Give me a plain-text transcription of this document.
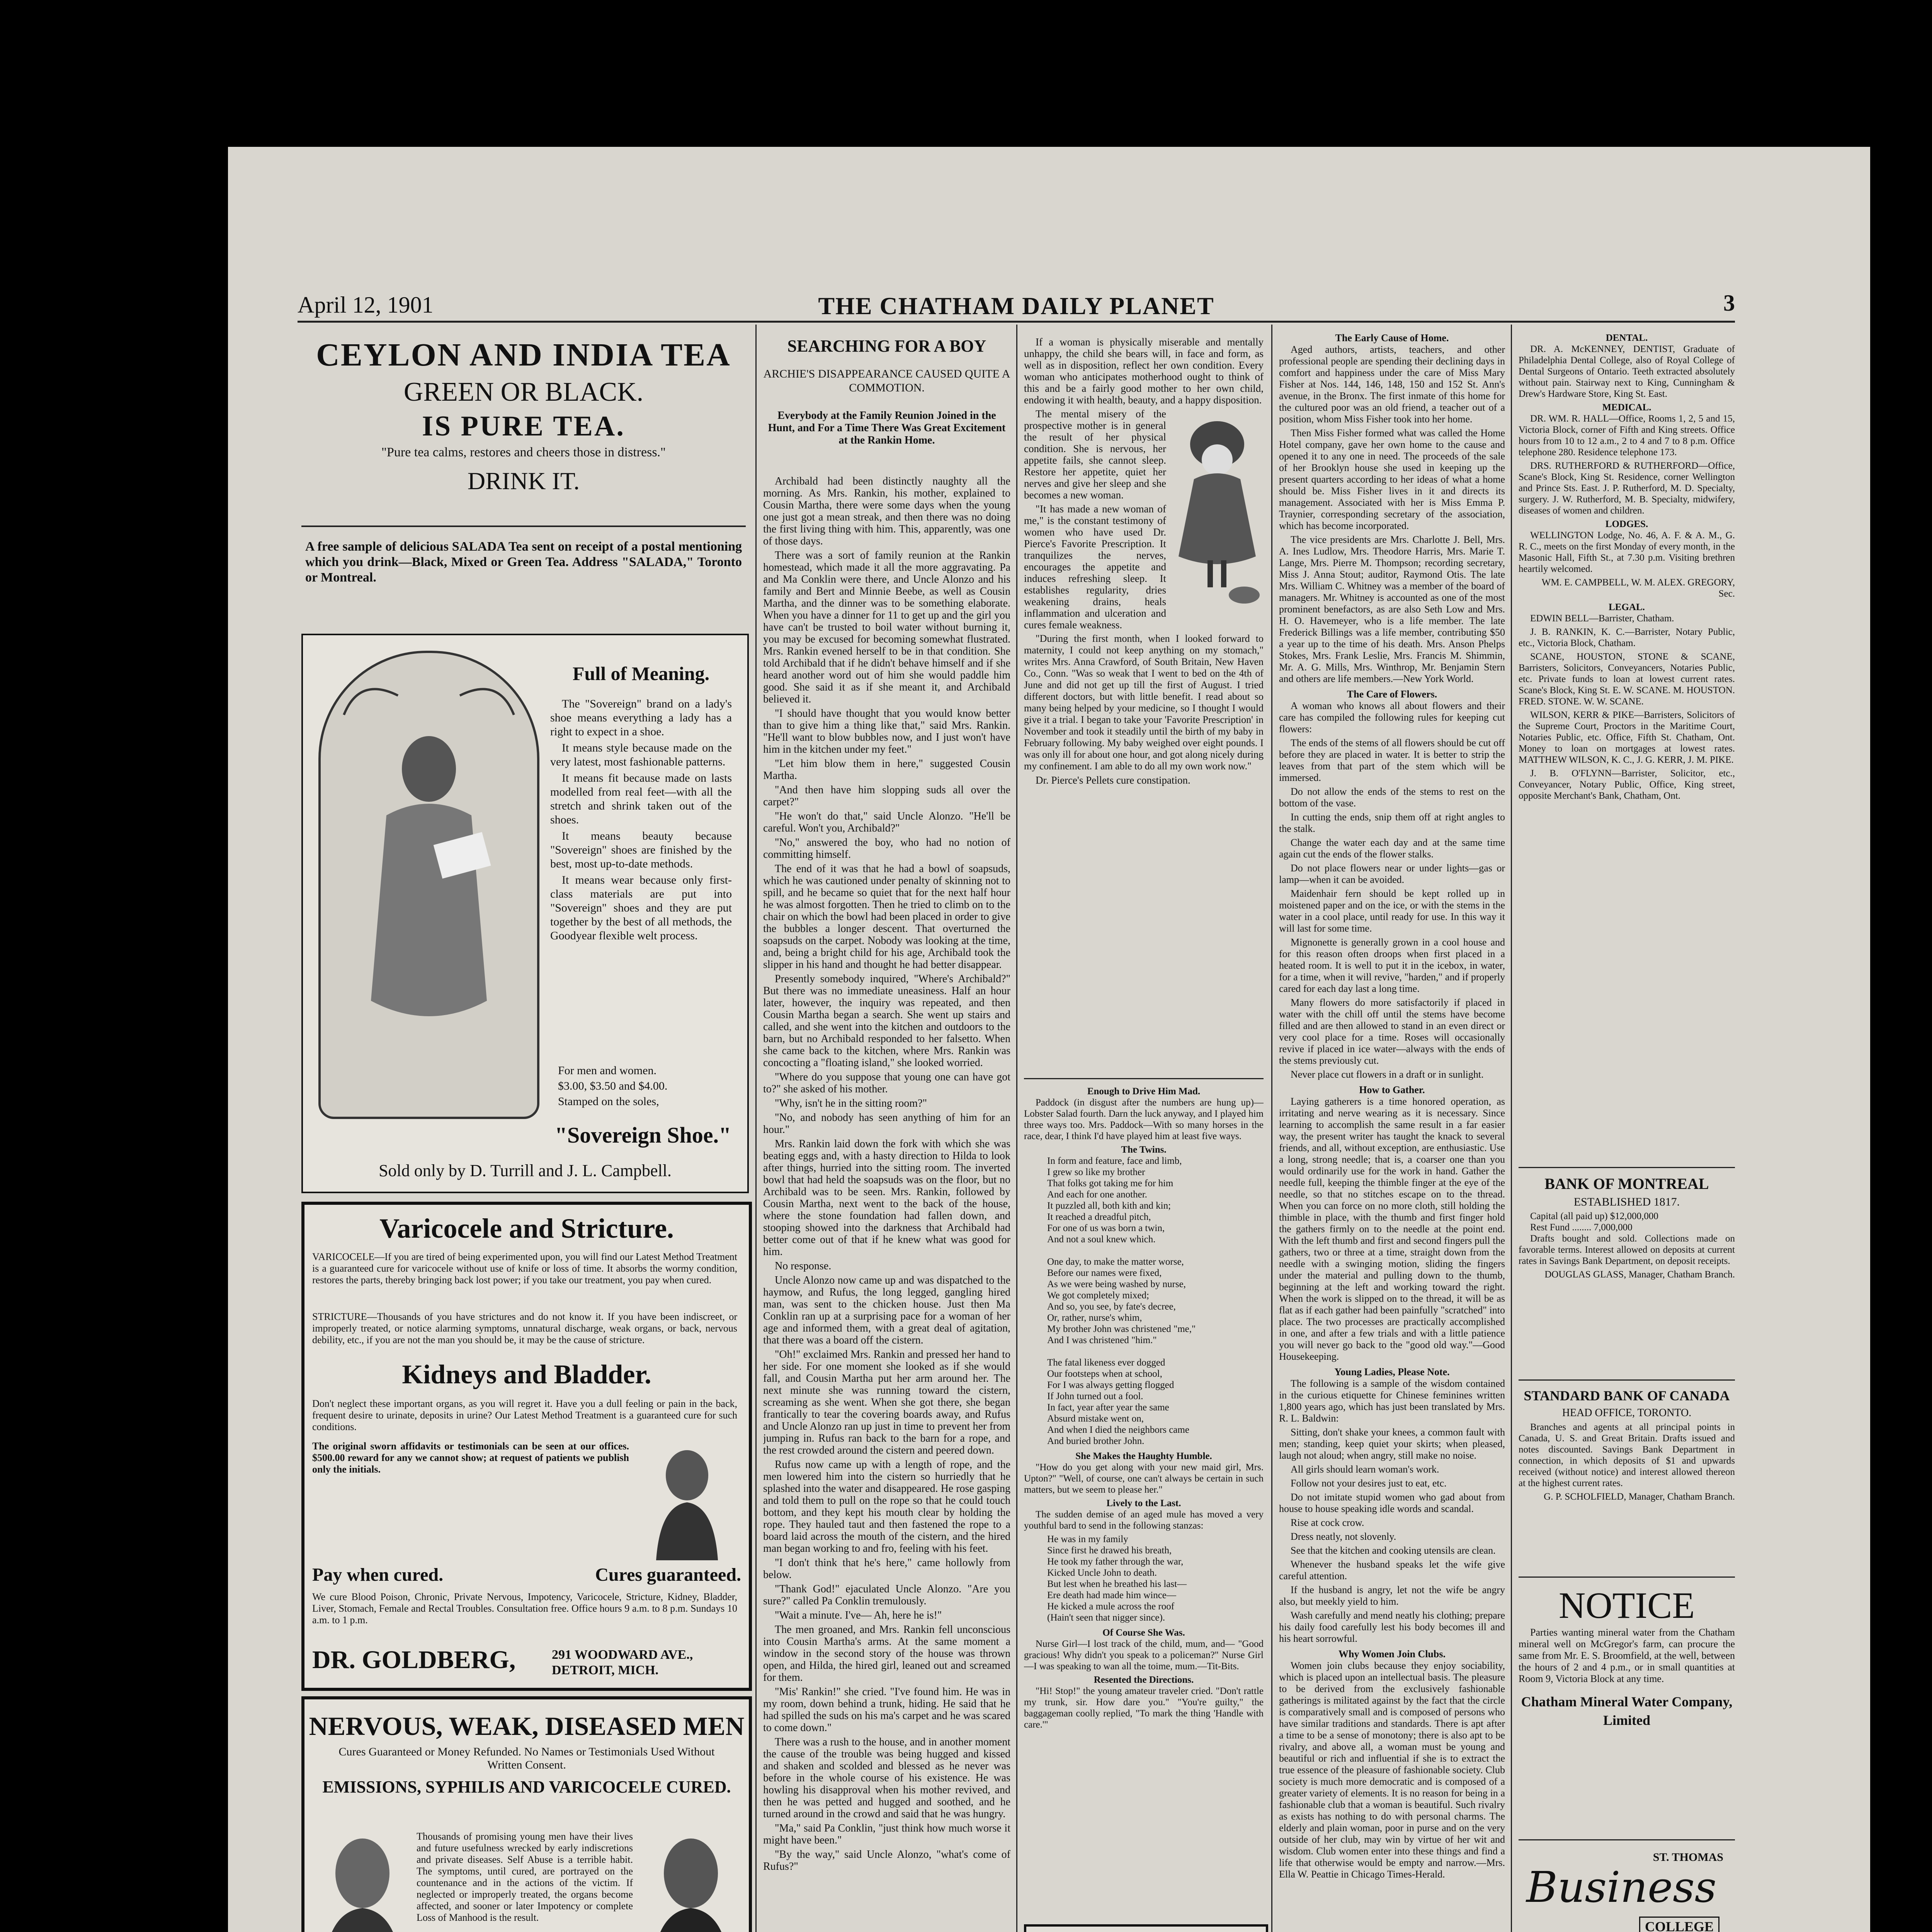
April 12, 1901	THE CHATHAM DAILY PLANET	3
CEYLON AND INDIA TEA
GREEN OR BLACK.
IS PURE TEA.
"Pure tea calms, restores and cheers those in distress."
DRINK IT.
A free sample of delicious SALADA Tea sent on receipt of a postal mentioning which you drink—Black, Mixed or Green Tea. Address "SALADA," Toronto or Montreal.
Full of Meaning.

The "Sovereign" brand on a lady's shoe means everything a lady has a right to expect in a shoe.

It means style because made on the very latest, most fashionable patterns.

It means fit because made on lasts modelled from real feet—with all the stretch and shrink taken out of the shoes.

It means beauty because "Sovereign" shoes are finished by the best, most up-to-date methods.

It means wear because only first-class materials are put into "Sovereign" shoes and they are put together by the best of all methods, the Goodyear flexible welt process.

For men and women.
$3.00, $3.50 and $4.00.
Stamped on the soles,
"Sovereign Shoe."
Sold only by D. Turrill and J. L. Campbell.
Varicocele and Stricture.
VARICOCELE—If you are tired of being experimented upon, you will find our Latest Method Treatment is a guaranteed cure for varicocele without use of knife or loss of time. It absorbs the wormy condition, restores the parts, thereby bringing back lost power; if you take our treatment, you pay when cured.
STRICTURE—Thousands of you have strictures and do not know it. If you have been indiscreet, or improperly treated, or notice alarming symptoms, unnatural discharge, weak organs, or back, nervous debility, etc., if you are not the man you should be, it may be the cause of stricture.
Kidneys and Bladder.
Don't neglect these important organs, as you will regret it. Have you a dull feeling or pain in the back, frequent desire to urinate, deposits in urine? Our Latest Method Treatment is a guaranteed cure for such conditions.
The original sworn affidavits or testimonials can be seen at our offices. $500.00 reward for any we cannot show; at request of patients we publish only the initials.
Pay when cured.	Cures guaranteed.
We cure Blood Poison, Chronic, Private Nervous, Impotency, Varicocele, Stricture, Kidney, Bladder, Liver, Stomach, Female and Rectal Troubles. Consultation free. Office hours 9 a.m. to 8 p.m. Sundays 10 a.m. to 1 p.m.
DR. GOLDBERG,	291 WOODWARD AVE., DETROIT, MICH.
NERVOUS, WEAK, DISEASED MEN
Cures Guaranteed or Money Refunded. No Names or Testimonials Used Without Written Consent.
EMISSIONS, SYPHILIS AND VARICOCELE CURED.
Thousands of promising young men have their lives and future usefulness wrecked by early indiscretions and private diseases. Self Abuse is a terrible habit. The symptoms, until cured, are portrayed on the countenance and in the actions of the victim. If neglected or improperly treated, the organs become affected, and sooner or later Impotency or complete Loss of Manhood is the result.
SEARCHING FOR A BOY
ARCHIE'S DISAPPEARANCE CAUSED QUITE A COMMOTION.
Everybody at the Family Reunion Joined in the Hunt, and For a Time There Was Great Excitement at the Rankin Home.

Archibald had been distinctly naughty all the morning. As Mrs. Rankin, his mother, explained to Cousin Martha, there were some days when the young one just got a mean streak, and then there was no doing the first living thing with him. This, apparently, was one of those days.

There was a sort of family reunion at the Rankin homestead, which made it all the more aggravating. Pa and Ma Conklin were there, and Uncle Alonzo and his family and Bert and Minnie Beebe, as well as Cousin Martha, and the dinner was to be something elaborate. When you have a dinner for 11 to get up and the girl you have can't be trusted to boil water without burning it, you may be excused for becoming somewhat flustrated. Mrs. Rankin evened herself to be in that condition. She told Archibald that if he didn't behave himself and if she heard another word out of him she would paddle him good. She said it as if she meant it, and Archibald believed it.

"I should have thought that you would know better than to give him a thing like that," said Mrs. Rankin. "He'll want to blow bubbles now, and I just won't have him in the kitchen under my feet."

"Let him blow them in here," suggested Cousin Martha.

"And then have him slopping suds all over the carpet?"

"He won't do that," said Uncle Alonzo. "He'll be careful. Won't you, Archibald?"

"No," answered the boy, who had no notion of committing himself.

The end of it was that he had a bowl of soapsuds, which he was cautioned under penalty of skinning not to spill, and he became so quiet that for the next half hour he was almost forgotten. Then he tried to climb on to the chair on which the bowl had been placed in order to give the bubbles a longer descent. That overturned the soapsuds on the carpet. Nobody was looking at the time, and, being a bright child for his age, Archibald took the slipper in his hand and thought he had better disappear.

Presently somebody inquired, "Where's Archibald?" But there was no immediate uneasiness. Half an hour later, however, the inquiry was repeated, and then Cousin Martha began a search. She went up stairs and called, and she went into the kitchen and outdoors to the barn, but no Archibald responded to her falsetto. When she came back to the kitchen, where Mrs. Rankin was concocting a "floating island," she looked worried.

"Where do you suppose that young one can have got to?" she asked of his mother.

"Why, isn't he in the sitting room?"

"No, and nobody has seen anything of him for an hour."

Mrs. Rankin laid down the fork with which she was beating eggs and, with a hasty direction to Hilda to look after things, hurried into the sitting room. The inverted bowl that had held the soapsuds was on the floor, but no Archibald was to be seen. Mrs. Rankin, followed by Cousin Martha, next went to the back of the house, where the stone foundation had fallen down, and stooping showed into the darkness that Archibald had better come out of that if he knew what was good for him.

No response.

Uncle Alonzo now came up and was dispatched to the haymow, and Rufus, the long legged, gangling hired man, was sent to the chicken house. Just then Ma Conklin ran up at a surprising pace for a woman of her age and informed them, with a great deal of agitation, that there was a board off the cistern.

"Oh!" exclaimed Mrs. Rankin and pressed her hand to her side. For one moment she looked as if she would fall, and Cousin Martha put her arm around her. The next minute she was running toward the cistern, screaming as she went. When she got there, she began frantically to tear the covering boards away, and Rufus and Uncle Alonzo ran up just in time to prevent her from jumping in. Rufus ran back to the barn for a rope, and the rest crowded around the cistern and peered down.

Rufus now came up with a length of rope, and the men lowered him into the cistern so hurriedly that he splashed into the water and disappeared. He rose gasping and told them to pull on the rope so that he could touch bottom, and they kept his mouth clear by holding the rope. They hauled taut and then fastened the rope to a board laid across the mouth of the cistern, and the hired man began working to and fro, feeling with his feet.

"I don't think that he's here," came hollowly from below.

"Thank God!" ejaculated Uncle Alonzo. "Are you sure?" called Pa Conklin tremulously.

"Wait a minute. I've— Ah, here he is!"

The men groaned, and Mrs. Rankin fell unconscious into Cousin Martha's arms. At the same moment a window in the second story of the house was thrown open, and Hilda, the hired girl, leaned out and screamed for them.

"Mis' Rankin!" she cried. "I've found him. He was in my room, down behind a trunk, hiding. He said that he had spilled the suds on his ma's carpet and he was scared to come down."

There was a rush to the house, and in another moment the cause of the trouble was being hugged and kissed and shaken and scolded and blessed as he never was before in the whole course of his existence. He was howling his disapproval when his mother revived, and then he was petted and hugged and soothed, and he turned around in the crowd and said that he was hungry.

"Ma," said Pa Conklin, "just think how much worse it might have been."

"By the way," said Uncle Alonzo, "what's come of Rufus?"

If a woman is physically miserable and mentally unhappy, the child she bears will, in face and form, as well as in disposition, reflect her own condition. Every woman who anticipates motherhood ought to think of this and be a fairly good mother to her own child, endowing it with health, beauty, and a happy disposition.

The mental misery of the prospective mother is in general the result of her physical condition. She is nervous, her appetite fails, she cannot sleep. Restore her appetite, quiet her nerves and give her sleep and she becomes a new woman.

"It has made a new woman of me," is the constant testimony of women who have used Dr. Pierce's Favorite Prescription. It tranquilizes the nerves, encourages the appetite and induces refreshing sleep. It establishes regularity, dries weakening drains, heals inflammation and ulceration and cures female weakness.

"During the first month, when I looked forward to maternity, I could not keep anything on my stomach," writes Mrs. Anna Crawford, of South Britain, New Haven Co., Conn. "Was so weak that I went to bed on the 4th of June and did not get up till the first of August. I tried different doctors, but with little benefit. I read about so many being helped by your medicine, so I thought I would give it a trial. I began to take your 'Favorite Prescription' in November and took it steadily until the birth of my baby in February following. My baby weighed over eight pounds. I was only ill for about one hour, and got along nicely during my confinement. I am able to do all my own work now."

Dr. Pierce's Pellets cure constipation.

Enough to Drive Him Mad.

Paddock (in disgust after the numbers are hung up)—Lobster Salad fourth. Darn the luck anyway, and I played him three ways too. Mrs. Paddock—With so many horses in the race, dear, I think I'd have played him at least five ways.

The Twins.
In form and feature, face and limb,
I grew so like my brother
That folks got taking me for him
And each for one another.
It puzzled all, both kith and kin;
It reached a dreadful pitch,
For one of us was born a twin,
And not a soul knew which.

One day, to make the matter worse,
Before our names were fixed,
As we were being washed by nurse,
We got completely mixed;
And so, you see, by fate's decree,
Or, rather, nurse's whim,
My brother John was christened "me,"
And I was christened "him."

The fatal likeness ever dogged
Our footsteps when at school,
For I was always getting flogged
If John turned out a fool.
In fact, year after year the same
Absurd mistake went on,
And when I died the neighbors came
And buried brother John.
She Makes the Haughty Humble.

"How do you get along with your new maid girl, Mrs. Upton?" "Well, of course, one can't always be certain in such matters, but we seem to please her."

Lively to the Last.

The sudden demise of an aged mule has moved a very youthful bard to send in the following stanzas:

He was in my family
Since first he drawed his breath,
He took my father through the war,
Kicked Uncle John to death.
But lest when he breathed his last—
Ere death had made him wince—
He kicked a mule across the roof
(Hain't seen that nigger since).
Of Course She Was.

Nurse Girl—I lost track of the child, mum, and— "Good gracious! Why didn't you speak to a policeman?" Nurse Girl—I was speaking to wan all the toime, mum.—Tit-Bits.

Resented the Directions.

"Hi! Stop!" the young amateur traveler cried. "Don't rattle my trunk, sir. How dare you." "You're guilty," the baggageman coolly replied, "To mark the thing 'Handle with care.'"

The Early Cause of Home.

Aged authors, artists, teachers, and other professional people are spending their declining days in comfort and happiness under the care of Miss Mary Fisher at Nos. 144, 146, 148, 150 and 152 St. Ann's avenue, in the Bronx. The first inmate of this home for the cultured poor was an old friend, a teacher out of a position, whom Miss Fisher took into her home.

Then Miss Fisher formed what was called the Home Hotel company, gave her own home to the cause and opened it to any one in need. The proceeds of the sale of her Brooklyn house she used in keeping up the present quarters according to her ideas of what a home should be. Miss Fisher lives in it and directs its management. Associated with her is Miss Emma P. Traynier, corresponding secretary of the association, which has become incorporated.

The vice presidents are Mrs. Charlotte J. Bell, Mrs. A. Ines Ludlow, Mrs. Theodore Harris, Mrs. Marie T. Lange, Mrs. Pierre M. Thompson; recording secretary, Miss J. Anna Stout; auditor, Raymond Otis. The late Mrs. William C. Whitney was a member of the board of managers. Mr. Whitney is accounted as one of the most prominent benefactors, as are also Seth Low and Mrs. H. O. Havemeyer, who is a life member. The late Frederick Billings was a life member, contributing $50 a year up to the time of his death. Mrs. Anson Phelps Stokes, Mrs. Frank Leslie, Mrs. Francis M. Shimmin, Mr. A. G. Mills, Mrs. Winthrop, Mr. Benjamin Stern and others are life members.—New York World.

The Care of Flowers.

A woman who knows all about flowers and their care has compiled the following rules for keeping cut flowers:

The ends of the stems of all flowers should be cut off before they are placed in water. It is better to strip the leaves from that part of the stem which will be immersed.

Do not allow the ends of the stems to rest on the bottom of the vase.

In cutting the ends, snip them off at right angles to the stalk.

Change the water each day and at the same time again cut the ends of the flower stalks.

Do not place flowers near or under lights—gas or lamp—when it can be avoided.

Maidenhair fern should be kept rolled up in moistened paper and on the ice, or with the stems in the water in a cool place, until ready for use. In this way it will last for some time.

Mignonette is generally grown in a cool house and for this reason often droops when first placed in a heated room. It is well to put it in the icebox, in water, for a time, when it will revive, "harden," and if properly cared for each day last a long time.

Many flowers do more satisfactorily if placed in water with the chill off until the stems have become filled and are then allowed to stand in an even direct or very cool place for a time. Roses will occasionally revive if placed in ice water—always with the ends of the stems previously cut.

Never place cut flowers in a draft or in sunlight.

How to Gather.

Laying gatherers is a time honored operation, as irritating and nerve wearing as it is necessary. Since learning to accomplish the same result in a far easier way, the present writer has taught the knack to several friends, and all, without exception, are enthusiastic. Use a long, strong needle; that is, a coarser one than you would ordinarily use for the work in hand. Gather the needle full, keeping the thimble finger at the eye of the needle, so that no stitches escape on to the thread. When you can force on no more cloth, still holding the thimble in place, with the thumb and first finger hold the gathers firmly on to the needle at the point end. With the left thumb and first and second fingers pull the gathers, two or three at a time, straight down from the needle with a swinging motion, sliding the fingers under the material and pulling down to the thumb, beginning at the left and working toward the right. When the work is slipped on to the thread, it will be as flat as if each gather had been painfully "scratched" into place. The two processes are practically accomplished in one, and after a few trials and with a little patience you will never go back to the "good old way."—Good Housekeeping.

Young Ladies, Please Note.

The following is a sample of the wisdom contained in the curious etiquette for Chinese feminines written 1,800 years ago, which has just been translated by Mrs. R. L. Baldwin:

Sitting, don't shake your knees, a common fault with men; standing, keep quiet your skirts; when pleased, laugh not aloud; when angry, still make no noise.

All girls should learn woman's work.

Follow not your desires just to eat, etc.

Do not imitate stupid women who gad about from house to house speaking idle words and scandal.

Rise at cock crow.

Dress neatly, not slovenly.

See that the kitchen and cooking utensils are clean.

Whenever the husband speaks let the wife give careful attention.

If the husband is angry, let not the wife be angry also, but meekly yield to him.

Wash carefully and mend neatly his clothing; prepare his daily food carefully lest his body becomes ill and his heart sorrowful.

Why Women Join Clubs.

Women join clubs because they enjoy sociability, which is placed upon an intellectual basis. The pleasure to be derived from the exclusively fashionable gatherings is militated against by the fact that the circle is comparatively small and is composed of persons who have similar traditions and standards. There is apt after a time to be a sense of monotony; there is also apt to be rivalry, and above all, a woman must be young and beautiful or rich and influential if she is to extract the true essence of the pleasure of fashionable society. Club society is much more democratic and is composed of a greater variety of elements. It is no reason for being in a fashionable club that a woman is beautiful. Such rivalry as exists has nothing to do with personal charms. The elderly and plain woman, poor in purse and on the very outside of her club, may win by virtue of her wit and wisdom. Club women enter into these things and find a life that otherwise would be empty and narrow.—Mrs. Ella W. Peattie in Chicago Times-Herald.

DENTAL.

DR. A. McKENNEY, DENTIST, Graduate of Philadelphia Dental College, also of Royal College of Dental Surgeons of Ontario. Teeth extracted absolutely without pain. Stairway next to King, Cunningham & Drew's Hardware Store, King St. East.

MEDICAL.

DR. WM. R. HALL—Office, Rooms 1, 2, 5 and 15, Victoria Block, corner of Fifth and King streets. Office hours from 10 to 12 a.m., 2 to 4 and 7 to 8 p.m. Office telephone 280. Residence telephone 173.

DRS. RUTHERFORD & RUTHERFORD—Office, Scane's Block, King St. Residence, corner Wellington and Prince Sts. East. J. P. Rutherford, M. D. Specialty, surgery. J. W. Rutherford, M. B. Specialty, midwifery, diseases of women and children.

LODGES.

WELLINGTON Lodge, No. 46, A. F. & A. M., G. R. C., meets on the first Monday of every month, in the Masonic Hall, Fifth St., at 7.30 p.m. Visiting brethren heartily welcomed.

WM. E. CAMPBELL, W. M. ALEX. GREGORY, Sec.

LEGAL.

EDWIN BELL—Barrister, Chatham.

J. B. RANKIN, K. C.—Barrister, Notary Public, etc., Victoria Block, Chatham.

SCANE, HOUSTON, STONE & SCANE, Barristers, Solicitors, Conveyancers, Notaries Public, etc. Private funds to loan at lowest current rates. Scane's Block, King St. E. W. SCANE. M. HOUSTON. FRED. STONE. W. W. SCANE.

WILSON, KERR & PIKE—Barristers, Solicitors of the Supreme Court, Proctors in the Maritime Court, Notaries Public, etc. Office, Fifth St. Chatham, Ont. Money to loan on mortgages at lowest rates. MATTHEW WILSON, K. C., J. G. KERR, J. M. PIKE.

J. B. O'FLYNN—Barrister, Solicitor, etc., Conveyancer, Notary Public, Office, King street, opposite Merchant's Bank, Chatham, Ont.

BANK OF MONTREAL
ESTABLISHED 1817.
Capital (all paid up) $12,000,000
Rest Fund ........ 7,000,000

Drafts bought and sold. Collections made on favorable terms. Interest allowed on deposits at current rates in Savings Bank Department, on deposit receipts.

DOUGLAS GLASS, Manager, Chatham Branch.
STANDARD BANK OF CANADA
HEAD OFFICE, TORONTO.

Branches and agents at all principal points in Canada, U. S. and Great Britain. Drafts issued and notes discounted. Savings Bank Department in connection, in which deposits of $1 and upwards received (without notice) and interest allowed thereon at the highest current rates.

G. P. SCHOLFIELD, Manager, Chatham Branch.
NOTICE

Parties wanting mineral water from the Chatham mineral well on McGregor's farm, can procure the same from Mr. E. S. Broomfield, at the well, between the hours of 2 and 4 p.m., or in small quantities at Room 9, Victoria Block at any time.

Chatham Mineral Water Company, Limited
ST. THOMAS
Business
COLLEGE
